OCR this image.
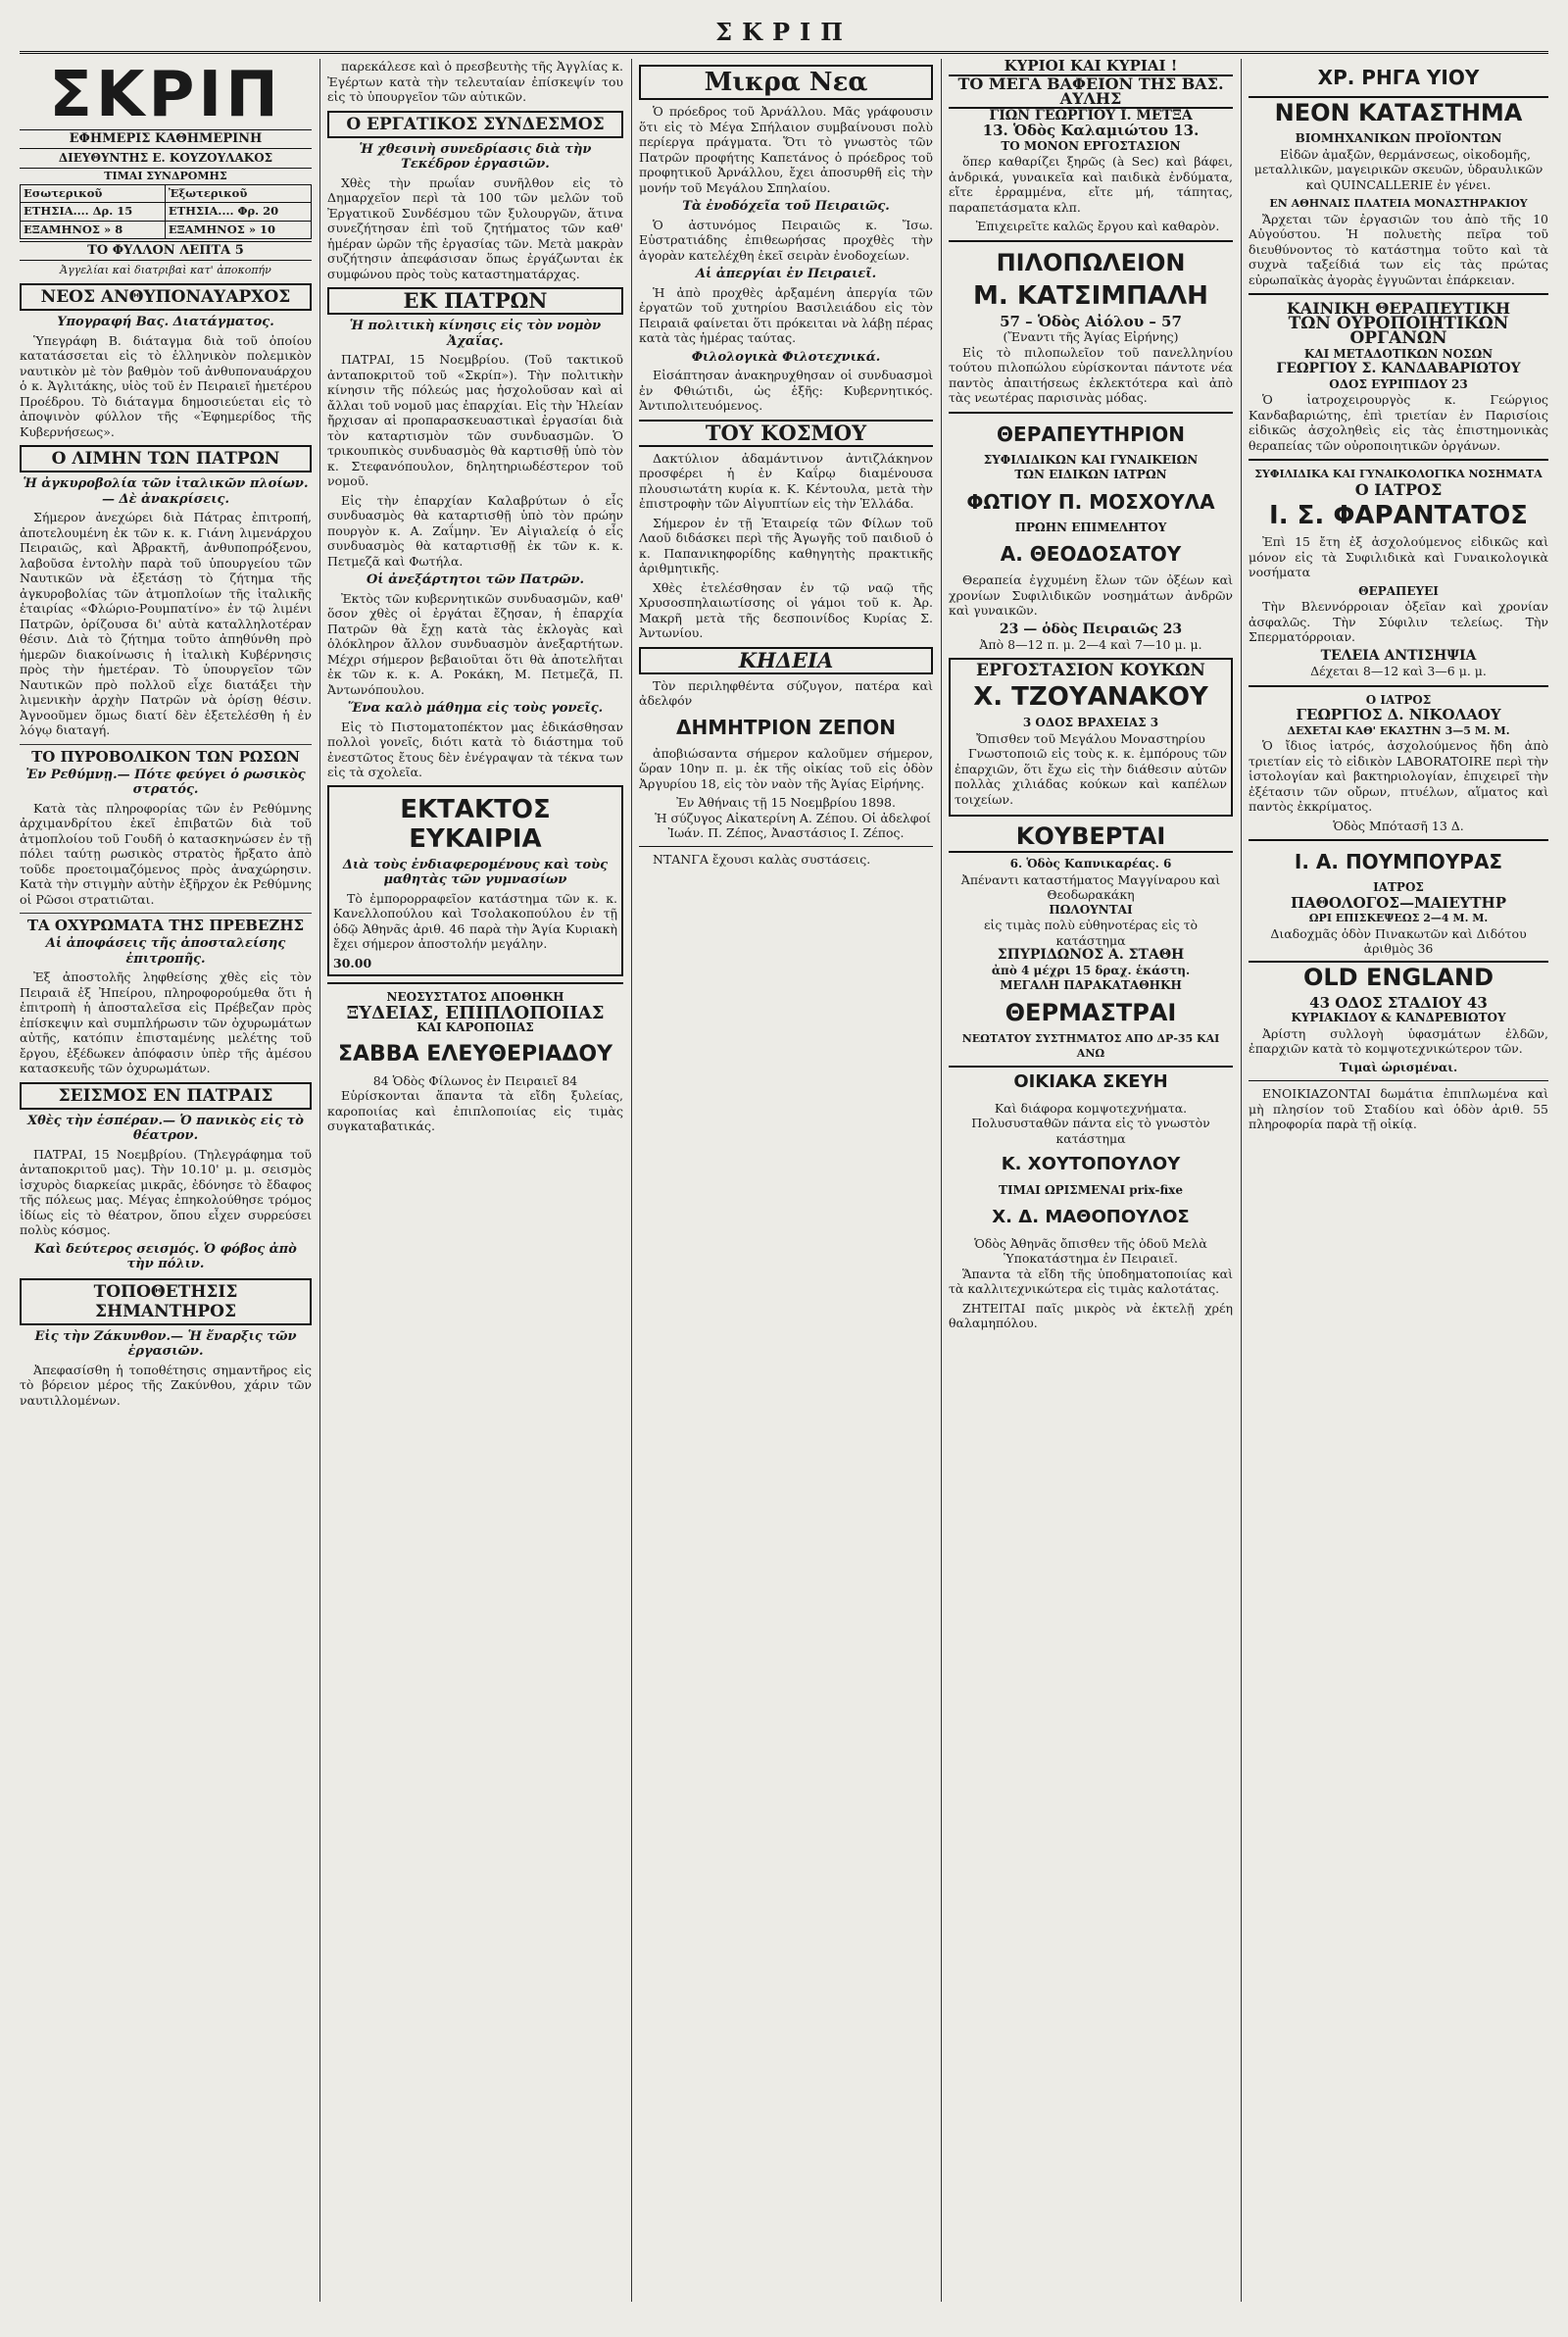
ΣΚΡΙΠ
ΣΚΡΙΠ
ΕΦΗΜΕΡΙΣ ΚΑΘΗΜΕΡΙΝΗ
ΔΙΕΥΘΥΝΤΗΣ Ε. ΚΟΥΖΟΥΛΑΚΟΣ
ΤΙΜΑΙ ΣΥΝΔΡΟΜΗΣ
Εσωτερικοῦ	Ἐξωτερικοῦ
ΕΤΗΣΙΑ.... Δρ. 15	ΕΤΗΣΙΑ.... Φρ. 20
ΕΞΑΜΗΝΟΣ » 8	ΕΞΑΜΗΝΟΣ » 10
ΤΟ ΦΥΛΛΟΝ ΛΕΠΤΑ 5
Ἀγγελίαι καὶ διατριβαὶ κατ' ἀποκοπήν
ΝΕΟΣ ΑΝΘΥΠΟΝΑΥΑΡΧΟΣ
Υπογραφή Βας. Διατάγματος.

Ὑπεγράφη Β. διάταγμα διὰ τοῦ ὁποίου κατατάσσεται εἰς τὸ ἑλληνικὸν πολεμικὸν ναυτικὸν μὲ τὸν βαθμὸν τοῦ ἀνθυποναυάρχου ὁ κ. Ἀγλιτάκης, υἱὸς τοῦ ἐν Πειραιεῖ ἡμετέρου Προέδρου. Τὸ διάταγμα δημοσιεύεται εἰς τὸ ἀποψινὸν φύλλον τῆς «Ἐφημερίδος τῆς Κυβερνήσεως».

Ο ΛΙΜΗΝ ΤΩΝ ΠΑΤΡΩΝ
Ἡ ἀγκυροβολία τῶν ἰταλικῶν πλοίων.— Δὲ ἀνακρίσεις.

Σήμερον ἀνεχώρει διὰ Πάτρας ἐπιτροπή, ἀποτελουμένη ἐκ τῶν κ. κ. Γιάνη λιμενάρχου Πειραιῶς, καὶ Ἀβρακτῆ, ἀνθυποπρόξενου, λαβοῦσα ἐντολὴν παρὰ τοῦ ὑπουργείου τῶν Ναυτικῶν νὰ ἐξετάσῃ τὸ ζήτημα τῆς ἀγκυροβολίας τῶν ἀτμοπλοίων τῆς ἰταλικῆς ἑταιρίας «Φλώριο-Ρουμπατίνο» ἐν τῷ λιμένι Πατρῶν, ὁρίζουσα δι' αὐτὰ καταλληλοτέραν θέσιν. Διὰ τὸ ζήτημα τοῦτο ἀπηθύνθη πρὸ ἡμερῶν διακοίνωσις ἡ ἰταλικὴ Κυβέρνησις πρὸς τὴν ἡμετέραν. Τὸ ὑπουργεῖον τῶν Ναυτικῶν πρὸ πολλοῦ εἶχε διατάξει τὴν λιμενικὴν ἀρχὴν Πατρῶν νὰ ὁρίσῃ θέσιν. Ἀγνοοῦμεν ὅμως διατί δὲν ἐξετελέσθη ἡ ἐν λόγῳ διαταγή.

ΤΟ ΠΥΡΟΒΟΛΙΚΟΝ ΤΩΝ ΡΩΣΩΝ
Ἐν Ρεθύμνῃ.— Πότε φεύγει ὁ ρωσικὸς στρατός.

Κατὰ τὰς πληροφορίας τῶν ἐν Ρεθύμνης ἀρχιμανδρίτου ἐκεῖ ἐπιβατῶν διὰ τοῦ ἀτμοπλοίου τοῦ Γουδῆ ὁ κατασκηνώσεν ἐν τῇ πόλει ταύτῃ ρωσικὸς στρατὸς ἤρξατο ἀπὸ τοῦδε προετοιμαζόμενος πρὸς ἀναχώρησιν. Κατὰ τὴν στιγμὴν αὐτὴν ἐξῆρχον ἐκ Ρεθύμνης οἱ Ρῶσοι στρατιῶται.

ΤΑ ΟΧΥΡΩΜΑΤΑ ΤΗΣ ΠΡΕΒΕΖΗΣ
Αἱ ἀποφάσεις τῆς ἀποσταλείσης ἐπιτροπῆς.

Ἐξ ἀποστολῆς ληφθείσης χθὲς εἰς τὸν Πειραιᾶ ἐξ Ἠπείρου, πληροφορούμεθα ὅτι ἡ ἐπιτροπὴ ἡ ἀποσταλεῖσα εἰς Πρέβεζαν πρὸς ἐπίσκεψιν καὶ συμπλήρωσιν τῶν ὀχυρωμάτων αὐτῆς, κατόπιν ἐπισταμένης μελέτης τοῦ ἔργου, ἐξέδωκεν ἀπόφασιν ὑπὲρ τῆς ἀμέσου κατασκευῆς τῶν ὀχυρωμάτων.

ΣΕΙΣΜΟΣ ΕΝ ΠΑΤΡΑΙΣ
Χθὲς τὴν ἑσπέραν.— Ὁ πανικὸς εἰς τὸ θέατρον.

ΠΑΤΡΑΙ, 15 Νοεμβρίου. (Τηλεγράφημα τοῦ ἀνταποκριτοῦ μας). Τὴν 10.10' μ. μ. σεισμὸς ἰσχυρὸς διαρκείας μικρᾶς, ἐδόνησε τὸ ἔδαφος τῆς πόλεως μας. Μέγας ἐπηκολούθησε τρόμος ἰδίως εἰς τὸ θέατρον, ὅπου εἶχεν συρρεύσει πολὺς κόσμος.

Καὶ δεύτερος σεισμός. Ὁ φόβος ἀπὸ τὴν πόλιν.
ΤΟΠΟΘΕΤΗΣΙΣ ΣΗΜΑΝΤΗΡΟΣ
Εἰς τὴν Ζάκυνθον.— Ἡ ἔναρξις τῶν ἐργασιῶν.

Ἀπεφασίσθη ἡ τοποθέτησις σημαντῆρος εἰς τὸ βόρειον μέρος τῆς Ζακύνθου, χάριν τῶν ναυτιλλομένων.

παρεκάλεσε καὶ ὁ πρεσβευτὴς τῆς Ἀγγλίας κ. Ἐγέρτων κατὰ τὴν τελευταίαν ἐπίσκεψίν του εἰς τὸ ὑπουργεῖον τῶν αὐτικῶν.

Ο ΕΡΓΑΤΙΚΟΣ ΣΥΝΔΕΣΜΟΣ
Ἡ χθεσινὴ συνεδρίασις διὰ τὴν Τεκέδρον ἐργασιῶν.

Χθὲς τὴν πρωΐαν συνῆλθον εἰς τὸ Δημαρχεῖον περὶ τὰ 100 τῶν μελῶν τοῦ Ἐργατικοῦ Συνδέσμου τῶν ξυλουργῶν, ἅτινα συνεζήτησαν ἐπὶ τοῦ ζητήματος τῶν καθ' ἡμέραν ὡρῶν τῆς ἐργασίας τῶν. Μετὰ μακρὰν συζήτησιν ἀπεφάσισαν ὅπως ἐργάζωνται ἐκ συμφώνου πρὸς τοὺς καταστηματάρχας.

ΕΚ ΠΑΤΡΩΝ
Ἡ πολιτικὴ κίνησις εἰς τὸν νομὸν Ἀχαΐας.

ΠΑΤΡΑΙ, 15 Νοεμβρίου. (Τοῦ τακτικοῦ ἀνταποκριτοῦ τοῦ «Σκρίπ»). Τὴν πολιτικὴν κίνησιν τῆς πόλεώς μας ἠσχολοῦσαν καὶ αἱ ἄλλαι τοῦ νομοῦ μας ἐπαρχίαι. Εἰς τὴν Ἠλείαν ἤρχισαν αἱ προπαρασκευαστικαὶ ἐργασίαι διὰ τὸν καταρτισμὸν τῶν συνδυασμῶν. Ὁ τρικουπικὸς συνδυασμὸς θὰ καρτισθῇ ὑπὸ τὸν κ. Στεφανόπουλον, δηλητηριωδέστερον τοῦ νομοῦ.

Εἰς τὴν ἐπαρχίαν Καλαβρύτων ὁ εἷς συνδυασμὸς θὰ καταρτισθῇ ὑπὸ τὸν πρώην πουργὸν κ. Α. Ζαΐμην. Ἐν Αἰγιαλείᾳ ὁ εἷς συνδυασμὸς θὰ καταρτισθῇ ἐκ τῶν κ. κ. Πετμεζᾶ καὶ Φωτήλα.

Οἱ ἀνεξάρτητοι τῶν Πατρῶν.

Ἐκτὸς τῶν κυβερνητικῶν συνδυασμῶν, καθ' ὅσον χθὲς οἱ ἐργάται ἔζησαν, ἡ ἐπαρχία Πατρῶν θὰ ἔχῃ κατὰ τὰς ἐκλογὰς καὶ ὁλόκληρον ἄλλον συνδυασμὸν ἀνεξαρτήτων. Μέχρι σήμερον βεβαιοῦται ὅτι θὰ ἀποτελῆται ἐκ τῶν κ. κ. Α. Ροκάκη, Μ. Πετμεζᾶ, Π. Ἀντωνόπουλου.

Ἕνα καλὸ μάθημα εἰς τοὺς γονεῖς.

Εἰς τὸ Πιστοματοπέκτον μας ἐδικάσθησαν πολλοὶ γονεῖς, διότι κατὰ τὸ διάστημα τοῦ ἐνεστῶτος ἔτους δὲν ἐνέγραψαν τὰ τέκνα των εἰς τὰ σχολεῖα.

ΕΚΤΑΚΤΟΣ ΕΥΚΑΙΡΙΑ
Διὰ τοὺς ἐνδιαφερομένους καὶ τοὺς μαθητὰς τῶν γυμνασίων

Τὸ ἐμπορορραφεῖον κατάστημα τῶν κ. κ. Κανελλοπούλου καὶ Τσολακοπούλου ἐν τῇ ὁδῷ Ἀθηνᾶς ἀριθ. 46 παρὰ τὴν Ἁγία Κυριακὴ ἔχει σήμερον ἀποστολήν μεγάλην.

30.00
ΝΕΟΣΥΣΤΑΤΟΣ ΑΠΟΘΗΚΗ
ΞΥΔΕΙΑΣ, ΕΠΙΠΛΟΠΟΙΙΑΣ
ΚΑΙ ΚΑΡΟΠΟΙΙΑΣ
ΣΑΒΒΑ ΕΛΕΥΘΕΡΙΑΔΟΥ
84 Ὁδὸς Φίλωνος ἐν Πειραιεῖ 84

Εὑρίσκονται ἅπαντα τὰ εἴδη ξυλείας, καροποιίας καὶ ἐπιπλοποιίας εἰς τιμὰς συγκαταβατικάς.

Μικρα Νεα

Ὁ πρόεδρος τοῦ Ἀρνάλλου. Μᾶς γράφουσιν ὅτι εἰς τὸ Μέγα Σπήλαιον συμβαίνουσι πολὺ περίεργα πράγματα. Ὅτι τὸ γνωστὸς τῶν Πατρῶν προφήτης Καπετάνος ὁ πρόεδρος τοῦ προφητικοῦ Ἀρνάλλου, ἔχει ἀποσυρθῆ εἰς τὴν μονήν τοῦ Μεγάλου Σπηλαίου.

Τὰ ἐνοδόχεῖα τοῦ Πειραιῶς.

Ὁ ἀστυνόμος Πειραιῶς κ. Ἴσω. Εὐστρατιάδης ἐπιθεωρήσας προχθὲς τὴν ἀγορὰν κατελέχθη ἐκεῖ σειρὰν ἐνοδοχείων.

Αἱ ἀπεργίαι ἐν Πειραιεῖ.

Ἡ ἀπὸ προχθὲς ἀρξαμένη ἀπεργία τῶν ἐργατῶν τοῦ χυτηρίου Βασιλειάδου εἰς τὸν Πειραιᾶ φαίνεται ὅτι πρόκειται νὰ λάβῃ πέρας κατὰ τὰς ἡμέρας ταύτας.

Φιλολογικὰ Φιλοτεχνικά.

Εἰσάπτησαν ἀνακηρυχθησαν οἱ συνδυασμοὶ ἐν Φθιώτιδι, ὡς ἑξῆς: Κυβερνητικός. Ἀντιπολιτευόμενος.

ΤΟΥ ΚΟΣΜΟΥ

Δακτύλιον ἀδαμάντινον ἀντιζλάκηνον προσφέρει ἡ ἐν Καΐρῳ διαμένουσα πλουσιωτάτη κυρία κ. Κ. Κέντουλα, μετὰ τὴν ἐπιστροφὴν τῶν Αἰγυπτίων εἰς τὴν Ἑλλάδα.

Σήμερον ἐν τῇ Ἑταιρείᾳ τῶν Φίλων τοῦ Λαοῦ διδάσκει περὶ τῆς Ἀγωγῆς τοῦ παιδιοῦ ὁ κ. Παπανικηφορίδης καθηγητὴς πρακτικῆς ἀριθμητικῆς.

Χθὲς ἐτελέσθησαν ἐν τῷ ναῷ τῆς Χρυσοσπηλαιωτίσσης οἱ γάμοι τοῦ κ. Ἀρ. Μακρῆ μετὰ τῆς δεσποινίδος Κυρίας Σ. Ἀντωνίου.

ΚΗΔΕΙΑ

Τὸν περιληφθέντα σύζυγον, πατέρα καὶ ἀδελφόν

ΔΗΜΗΤΡΙΟΝ ΖΕΠΟΝ

ἀποβιώσαντα σήμερον καλοῦμεν σήμερον, ὥραν 10ην π. μ. ἐκ τῆς οἰκίας τοῦ εἰς ὁδὸν Ἀργυρίου 18, εἰς τὸν ναὸν τῆς Ἁγίας Εἰρήνης.

Ἐν Ἀθήναις τῇ 15 Νοεμβρίου 1898.

Ἡ σύζυγος Αἰκατερίνη Α. Ζέπου. Οἱ ἀδελφοί Ἰωάν. Π. Ζέπος, Ἀναστάσιος Ι. Ζέπος.

ΝΤΑΝΓΑ ἔχουσι καλὰς συστάσεις.

ΚΥΡΙΟΙ ΚΑΙ ΚΥΡΙΑΙ !
ΤΟ ΜΕΓΑ ΒΑΦΕΙΟΝ ΤΗΣ ΒΑΣ. ΑΥΛΗΣ
ΓΙΩΝ ΓΕΩΡΓΙΟΥ Ι. ΜΕΤΞΑ
13. Ὁδὸς Καλαμιώτου 13.
ΤΟ ΜΟΝΟΝ ΕΡΓΟΣΤΑΣΙΟΝ

ὅπερ καθαρίζει ξηρῶς (à Sec) καὶ βάφει, ἀνδρικά, γυναικεῖα καὶ παιδικὰ ἐνδύματα, εἴτε ἐρραμμένα, εἴτε μή, τάπητας, παραπετάσματα κλπ.

Ἐπιχειρεῖτε καλῶς ἔργου καὶ καθαρὸν.

ΠΙΛΟΠΩΛΕΙΟΝ
Μ. ΚΑΤΣΙΜΠΑΛΗ
57 – Ὁδὸς Αἰόλου – 57
(Ἔναντι τῆς Ἁγίας Εἰρήνης)

Εἰς τὸ πιλοπωλεῖον τοῦ πανελληνίου τούτου πιλοπώλου εὑρίσκονται πάντοτε νέα παντὸς ἀπαιτήσεως ἐκλεκτότερα καὶ ἀπὸ τὰς νεωτέρας παρισινὰς μόδας.

ΘΕΡΑΠΕΥΤΗΡΙΟΝ
ΣΥΦΙΛΙΔΙΚΩΝ ΚΑΙ ΓΥΝΑΙΚΕΙΩΝ
ΤΩΝ ΕΙΔΙΚΩΝ ΙΑΤΡΩΝ
ΦΩΤΙΟΥ Π. ΜΟΣΧΟΥΛΑ
ΠΡΩΗΝ ΕΠΙΜΕΛΗΤΟΥ
Α. ΘΕΟΔΟΣΑΤΟΥ

Θεραπεία ἐγχυμένη ἔλων τῶν ὀξέων καὶ χρονίων Συφιλιδικῶν νοσημάτων ἀνδρῶν καὶ γυναικῶν.

23 — ὁδὸς Πειραιῶς 23
Ἀπὸ 8—12 π. μ. 2—4 καὶ 7—10 μ. μ.
ΕΡΓΟΣΤΑΣΙΟΝ ΚΟΥΚΩΝ
Χ. ΤΖΟΥΑΝΑΚΟΥ
3 ΟΔΟΣ ΒΡΑΧΕΙΑΣ 3
Ὄπισθεν τοῦ Μεγάλου Μοναστηρίου

Γνωστοποιῶ εἰς τοὺς κ. κ. ἐμπόρους τῶν ἐπαρχιῶν, ὅτι ἔχω εἰς τὴν διάθεσιν αὐτῶν πολλὰς χιλιάδας κούκων καὶ καπέλων τοιχείων.

ΚΟΥΒΕΡΤΑΙ
6. Ὁδὸς Καπνικαρέας. 6
Ἀπέναντι καταστήματος Μαγγίναρου καὶ Θεοδωρακάκη
ΠΩΛΟΥΝΤΑΙ
εἰς τιμὰς πολὺ εὐθηνοτέρας εἰς τὸ κατάστημα
ΣΠΥΡΙΔΩΝΟΣ Α. ΣΤΑΘΗ
ἀπὸ 4 μέχρι 15 δραχ. ἑκάστη.
ΜΕΓΑΛΗ ΠΑΡΑΚΑΤΑΘΗΚΗ
ΘΕΡΜΑΣΤΡΑΙ
ΝΕΩΤΑΤΟΥ ΣΥΣΤΗΜΑΤΟΣ ΑΠΟ ΔΡ-35 ΚΑΙ ΑΝΩ
ΟΙΚΙΑΚΑ ΣΚΕΥΗ
Καὶ διάφορα κομψοτεχνήματα. Πολυσυσταθῶν πάντα εἰς τὸ γνωστὸν κατάστημα
Κ. ΧΟΥΤΟΠΟΥΛΟΥ
ΤΙΜΑΙ ΩΡΙΣΜΕΝΑΙ prix-fixe
Χ. Δ. ΜΑΘΟΠΟΥΛΟΣ
Ὁδὸς Ἀθηνᾶς ὄπισθεν τῆς ὁδοῦ Μελὰ Ὑποκατάστημα ἐν Πειραιεῖ.

Ἅπαντα τὰ εἴδη τῆς ὑποδηματοποιίας καὶ τὰ καλλιτεχνικώτερα εἰς τιμὰς καλοτάτας.

ΖΗΤΕΙΤΑΙ παῖς μικρὸς νὰ ἐκτελῇ χρέη θαλαμηπόλου.

ΧΡ. ΡΗΓΑ ΥΙΟΥ
ΝΕΟΝ ΚΑΤΑΣΤΗΜΑ
ΒΙΟΜΗΧΑΝΙΚΩΝ ΠΡΟΪΟΝΤΩΝ

Εἰδῶν ἀμαξῶν, θερμάνσεως, οἰκοδομῆς, μεταλλικῶν, μαγειρικῶν σκευῶν, ὑδραυλικῶν καὶ QUINCALLERIE ἐν γένει.

ΕΝ ΑΘΗΝΑΙΣ ΠΛΑΤΕΙΑ ΜΟΝΑΣΤΗΡΑΚΙΟΥ

Ἄρχεται τῶν ἐργασιῶν του ἀπὸ τῆς 10 Αὐγούστου. Ἡ πολυετὴς πεῖρα τοῦ διευθύνοντος τὸ κατάστημα τοῦτο καὶ τὰ συχνὰ ταξείδιά των εἰς τὰς πρώτας εὐρωπαϊκὰς ἀγορὰς ἐγγυῶνται ἐπάρκειαν.

ΚΑΙΝΙΚΗ ΘΕΡΑΠΕΥΤΙΚΗ
ΤΩΝ ΟΥΡΟΠΟΙΗΤΙΚΩΝ ΟΡΓΑΝΩΝ
ΚΑΙ ΜΕΤΑΔΟΤΙΚΩΝ ΝΟΣΩΝ
ΓΕΩΡΓΙΟΥ Σ. ΚΑΝΔΑΒΑΡΙΩΤΟΥ
ΟΔΟΣ ΕΥΡΙΠΙΔΟΥ 23

Ὁ ἰατροχειρουργὸς κ. Γεώργιος Κανδαβαριώτης, ἐπὶ τριετίαν ἐν Παρισίοις εἰδικῶς ἀσχοληθεὶς εἰς τὰς ἐπιστημονικὰς θεραπείας τῶν οὐροποιητικῶν ὀργάνων.

ΣΥΦΙΛΙΔΙΚΑ ΚΑΙ ΓΥΝΑΙΚΟΛΟΓΙΚΑ ΝΟΣΗΜΑΤΑ
Ο ΙΑΤΡΟΣ
Ι. Σ. ΦΑΡΑΝΤΑΤΟΣ

Ἐπὶ 15 ἔτη ἐξ ἀσχολούμενος εἰδικῶς καὶ μόνον εἰς τὰ Συφιλιδικὰ καὶ Γυναικολογικὰ νοσήματα

ΘΕΡΑΠΕΥΕΙ

Τὴν Βλεννόρροιαν ὀξεῖαν καὶ χρονίαν ἀσφαλῶς. Τὴν Σύφιλιν τελείως. Τὴν Σπερματόρροιαν.

ΤΕΛΕΙΑ ΑΝΤΙΣΗΨΙΑ
Δέχεται 8—12 καὶ 3—6 μ. μ.
Ο ΙΑΤΡΟΣ
ΓΕΩΡΓΙΟΣ Δ. ΝΙΚΟΛΑΟΥ
ΔΕΧΕΤΑΙ ΚΑΘ' ΕΚΑΣΤΗΝ 3—5 Μ. Μ.

Ὁ ἴδιος ἰατρός, ἀσχολούμενος ἤδη ἀπὸ τριετίαν εἰς τὸ εἰδικὸν LABORATOIRE περὶ τὴν ἱστολογίαν καὶ βακτηριολογίαν, ἐπιχειρεῖ τὴν ἐξέτασιν τῶν οὔρων, πτυέλων, αἵματος καὶ παντὸς ἐκκρίματος.

Ὁδὸς Μπότασῆ 13 Δ.
Ι. Α. ΠΟΥΜΠΟΥΡΑΣ
ΙΑΤΡΟΣ
ΠΑΘΟΛΟΓΟΣ—ΜΑΙΕΥΤΗΡ
ΩΡΙ ΕΠΙΣΚΕΨΕΩΣ 2—4 Μ. Μ.
Διαδοχμᾶς ὁδὸν Πινακωτῶν καὶ Διδότου ἀριθμὸς 36
OLD ENGLAND
43 ΟΔΟΣ ΣΤΑΔΙΟΥ 43
ΚΥΡΙΑΚΙΔΟΥ & ΚΑΝΔΡΕΒΙΩΤΟΥ

Ἀρίστη συλλογὴ ὑφασμάτων ἐλδῶν, ἐπαρχιῶν κατὰ τὸ κομψοτεχνικώτερον τῶν.

Τιμαὶ ὡρισμέναι.

ΕΝΟΙΚΙΑΖΟΝΤΑΙ δωμάτια ἐπιπλωμένα καὶ μὴ πλησίον τοῦ Σταδίου καὶ ὁδὸν ἀριθ. 55 πληροφορία παρὰ τῇ οἰκίᾳ.
